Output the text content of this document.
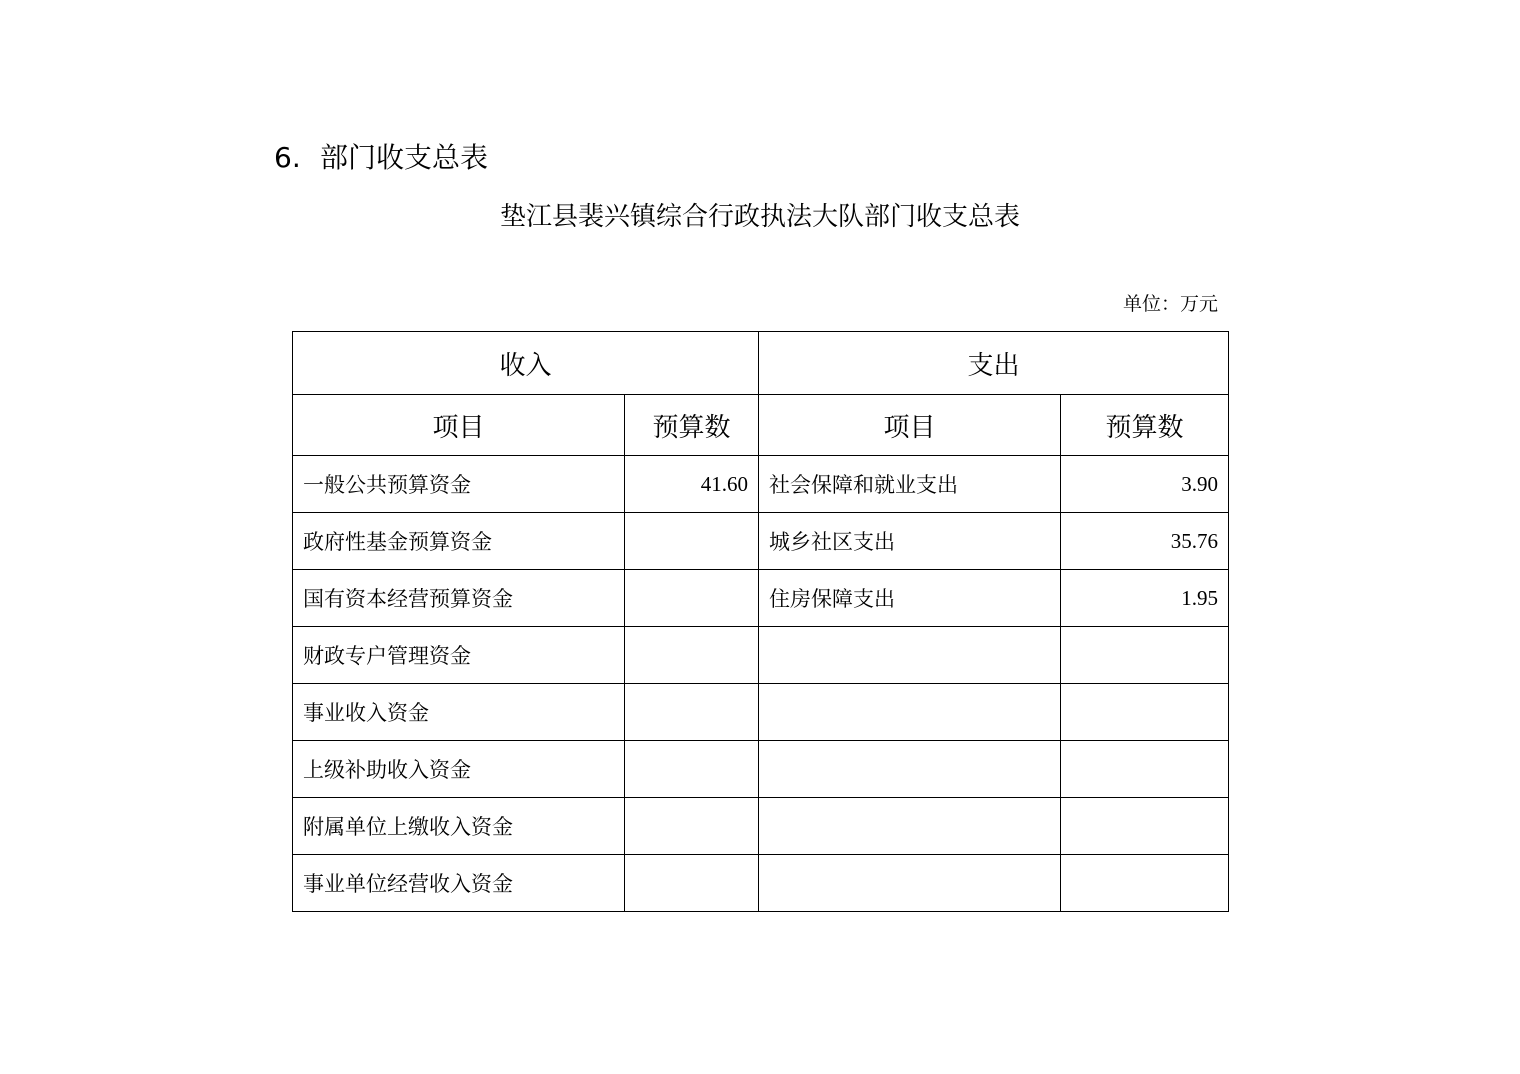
6. 部门收支总表
垫江县裴兴镇综合行政执法大队部门收支总表
单位：万元
收入		支出	
项目	预算数	项目	预算数
一般公共预算资金	41.60	社会保障和就业支出	3.90
政府性基金预算资金		城乡社区支出	35.76
国有资本经营预算资金		住房保障支出	1.95
财政专户管理资金			
事业收入资金			
上级补助收入资金			
附属单位上缴收入资金			
事业单位经营收入资金			
